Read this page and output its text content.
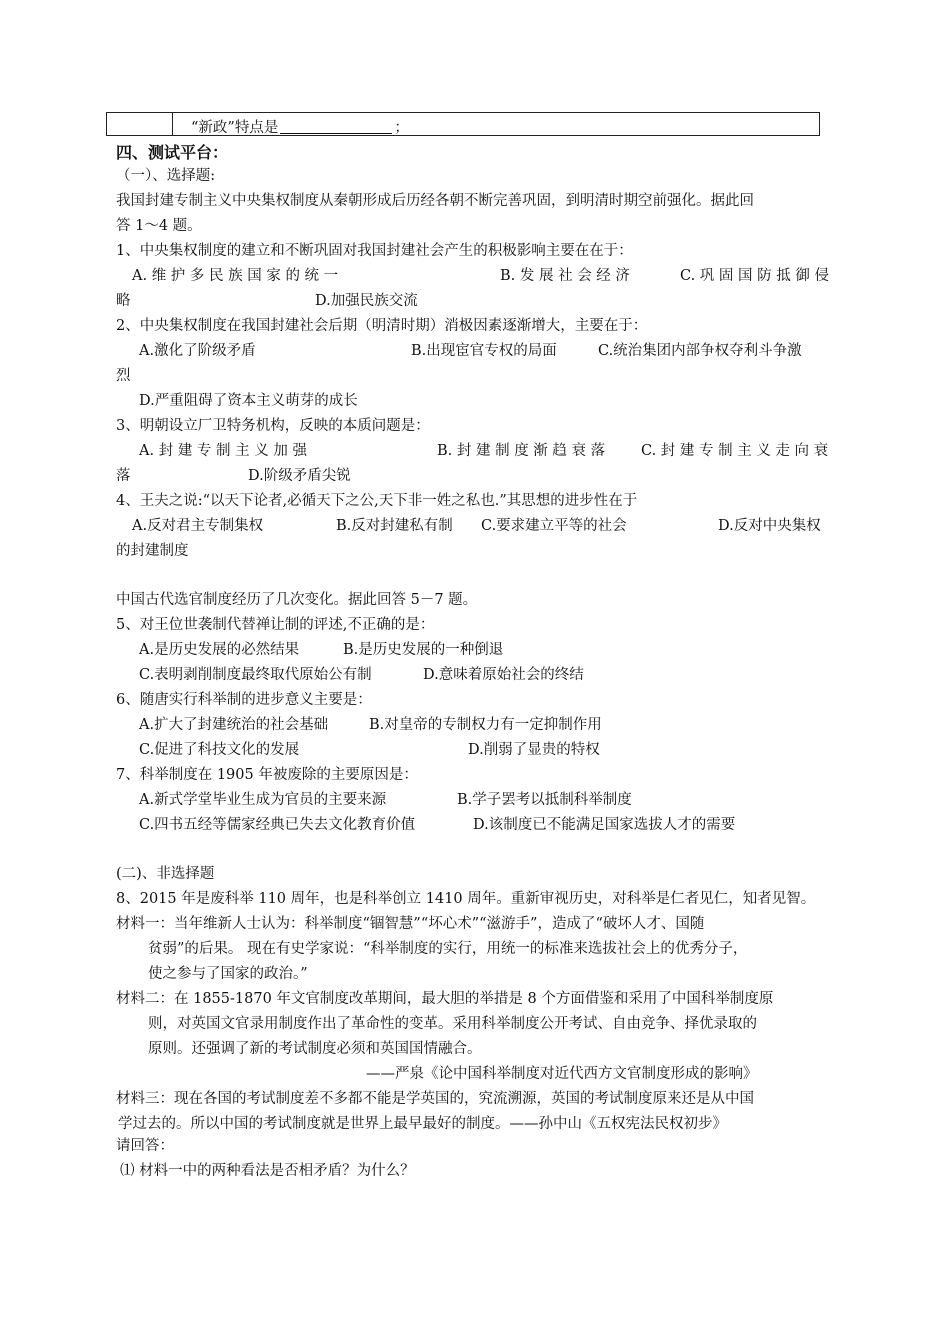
“新政”特点是	；
四、测试平台：
（一）、选择题:
我国封建专制主义中央集权制度从秦朝形成后历经各朝不断完善巩固，到明清时期空前强化。据此回
答 1～4 题。
1、中央集权制度的建立和不断巩固对我国封建社会产生的积极影响主要在在于：
A. 维 护 多 民 族 国 家 的 统 一	B. 发 展 社 会 经 济	C. 巩 固 国 防 抵 御 侵
略	D.加强民族交流
2、中央集权制度在我国封建社会后期（明清时期）消极因素逐渐增大，主要在于：
A.激化了阶级矛盾	B.出现宦官专权的局面	C.统治集团内部争权夺利斗争激
烈
D.严重阻碍了资本主义萌芽的成长
3、明朝设立厂卫特务机构，反映的本质问题是：
A. 封 建 专 制 主 义 加 强	B. 封 建 制 度 渐 趋 衰 落 C. 封 建 专 制 主 义 走 向 衰
落	D.阶级矛盾尖锐
4、王夫之说:“以天下论者,必循天下之公,天下非一姓之私也.”其思想的进步性在于
A.反对君主专制集权	B.反对封建私有制 C.要求建立平等的社会	D.反对中央集权
的封建制度
中国古代选官制度经历了几次变化。据此回答 5－7 题。
5、对王位世袭制代替禅让制的评述,不正确的是：
A.是历史发展的必然结果	B.是历史发展的一种倒退
C.表明剥削制度最终取代原始公有制	D.意味着原始社会的终结
6、随唐实行科举制的进步意义主要是：
A.扩大了封建统治的社会基础	B.对皇帝的专制权力有一定抑制作用
C.促进了科技文化的发展	D.削弱了显贵的特权
7、科举制度在 1905 年被废除的主要原因是：
A.新式学堂毕业生成为官员的主要来源	B.学子罢考以抵制科举制度
C.四书五经等儒家经典已失去文化教育价值	D.该制度已不能满足国家选拔人才的需要
(二)、非选择题
8、2015 年是废科举 110 周年，也是科举创立 1410 周年。重新审视历史，对科举是仁者见仁，知者见智。
材料一：当年维新人士认为：科举制度“锢智慧”“坏心术”“滋游手”，造成了“破坏人才、国随
贫弱”的后果。 现在有史学家说：“科举制度的实行，用统一的标准来选拔社会上的优秀分子，
使之参与了国家的政治。”
材料二：在 1855-1870 年文官制度改革期间，最大胆的举措是 8 个方面借鉴和采用了中国科举制度原
则，对英国文官录用制度作出了革命性的变革。采用科举制度公开考试、自由竞争、择优录取的
原则。还强调了新的考试制度必须和英国国情融合。
——严泉《论中国科举制度对近代西方文官制度形成的影响》
材料三：现在各国的考试制度差不多都不能是学英国的，究流溯源，英国的考试制度原来还是从中国
学过去的。所以中国的考试制度就是世界上最早最好的制度。——孙中山《五权宪法民权初步》
请回答：
⑴ 材料一中的两种看法是否相矛盾？为什么？
